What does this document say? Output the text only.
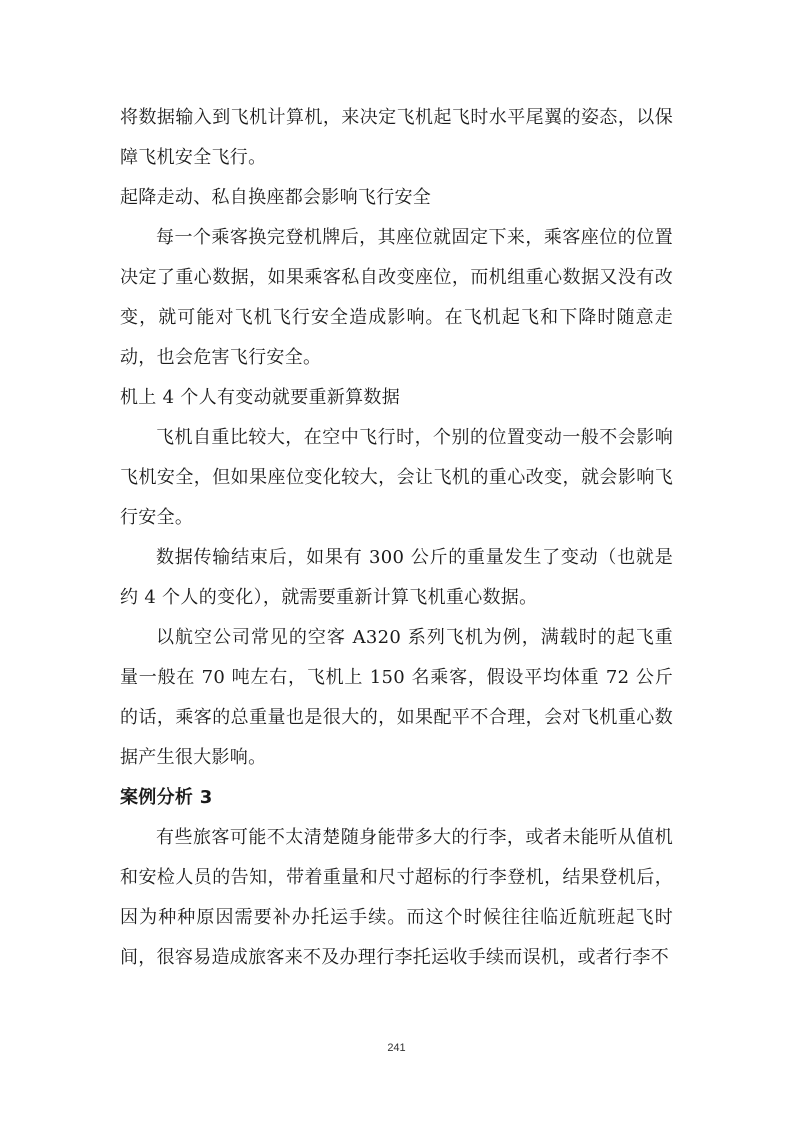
将数据输入到飞机计算机，来决定飞机起飞时水平尾翼的姿态，以保障飞机安全飞行。

起降走动、私自换座都会影响飞行安全

每一个乘客换完登机牌后，其座位就固定下来，乘客座位的位置决定了重心数据，如果乘客私自改变座位，而机组重心数据又没有改变，就可能对飞机飞行安全造成影响。在飞机起飞和下降时随意走动，也会危害飞行安全。

机上 4 个人有变动就要重新算数据

飞机自重比较大，在空中飞行时，个别的位置变动一般不会影响飞机安全，但如果座位变化较大，会让飞机的重心改变，就会影响飞行安全。

数据传输结束后，如果有 300 公斤的重量发生了变动（也就是约 4 个人的变化），就需要重新计算飞机重心数据。

以航空公司常见的空客 A320 系列飞机为例，满载时的起飞重量一般在 70 吨左右，飞机上 150 名乘客，假设平均体重 72 公斤的话，乘客的总重量也是很大的，如果配平不合理，会对飞机重心数据产生很大影响。

案例分析 3

有些旅客可能不太清楚随身能带多大的行李，或者未能听从值机和安检人员的告知，带着重量和尺寸超标的行李登机，结果登机后，因为种种原因需要补办托运手续。而这个时候往往临近航班起飞时间，很容易造成旅客来不及办理行李托运收手续而误机，或者行李不

241
